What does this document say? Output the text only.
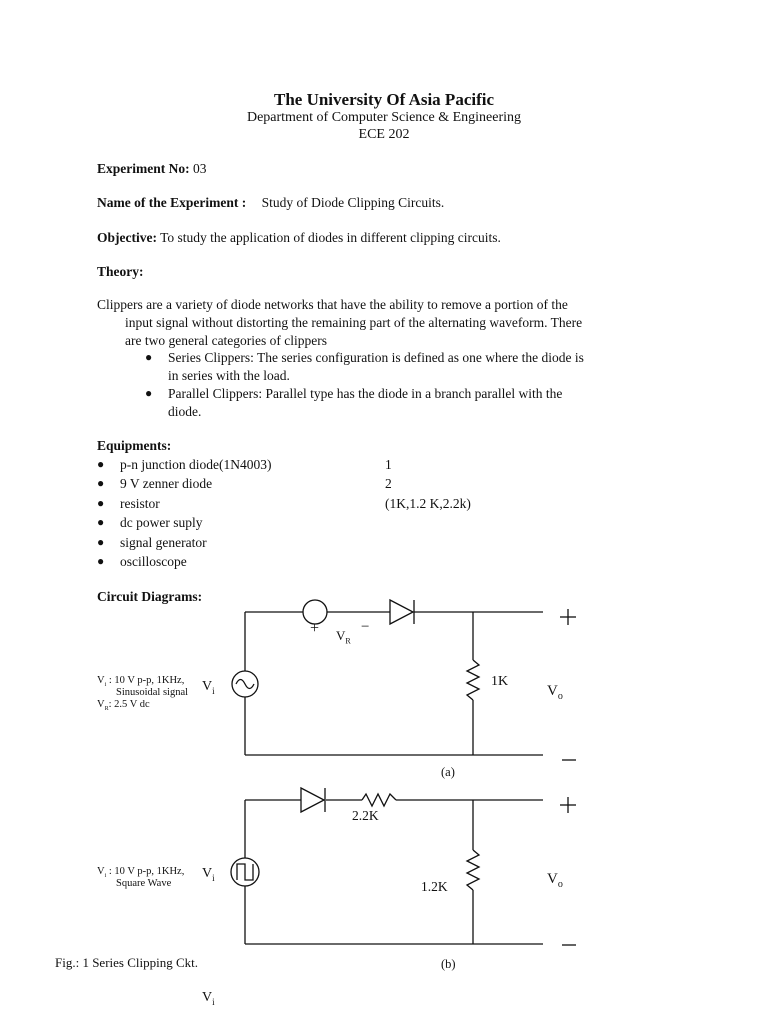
The University Of Asia Pacific
Department of Computer Science & Engineering
ECE 202
Experiment No: 03
Name of the Experiment : Study of Diode Clipping Circuits.
Objective: To study the application of diodes in different clipping circuits.
Theory:
Clippers are a variety of diode networks that have the ability to remove a portion of the
input signal without distorting the remaining part of the alternating waveform. There
are two general categories of clippers
● Series Clippers: The series configuration is defined as one where the diode is
in series with the load.
● Parallel Clippers: Parallel type has the diode in a branch parallel with the
diode.
Equipments:
● p-n junction diode(1N4003)	1
● 9 V zenner diode	2
● resistor	(1K,1.2 K,2.2k)
● dc power suply
● signal generator
● oscilloscope
Circuit Diagrams:
+ $V_R$
−
$V_i$ : 10 V p-p, 1KHz,
Sinusoidal signal
$V_R$: 2.5 V dc
$V_i$
1K
$V_o$
(a)
2.2K
$V_i$ : 10 V p-p, 1KHz,
Square Wave
$V_i$
1.2K	$V_o$
(b)
Fig.: 1 Series Clipping Ckt.
$V_i$
